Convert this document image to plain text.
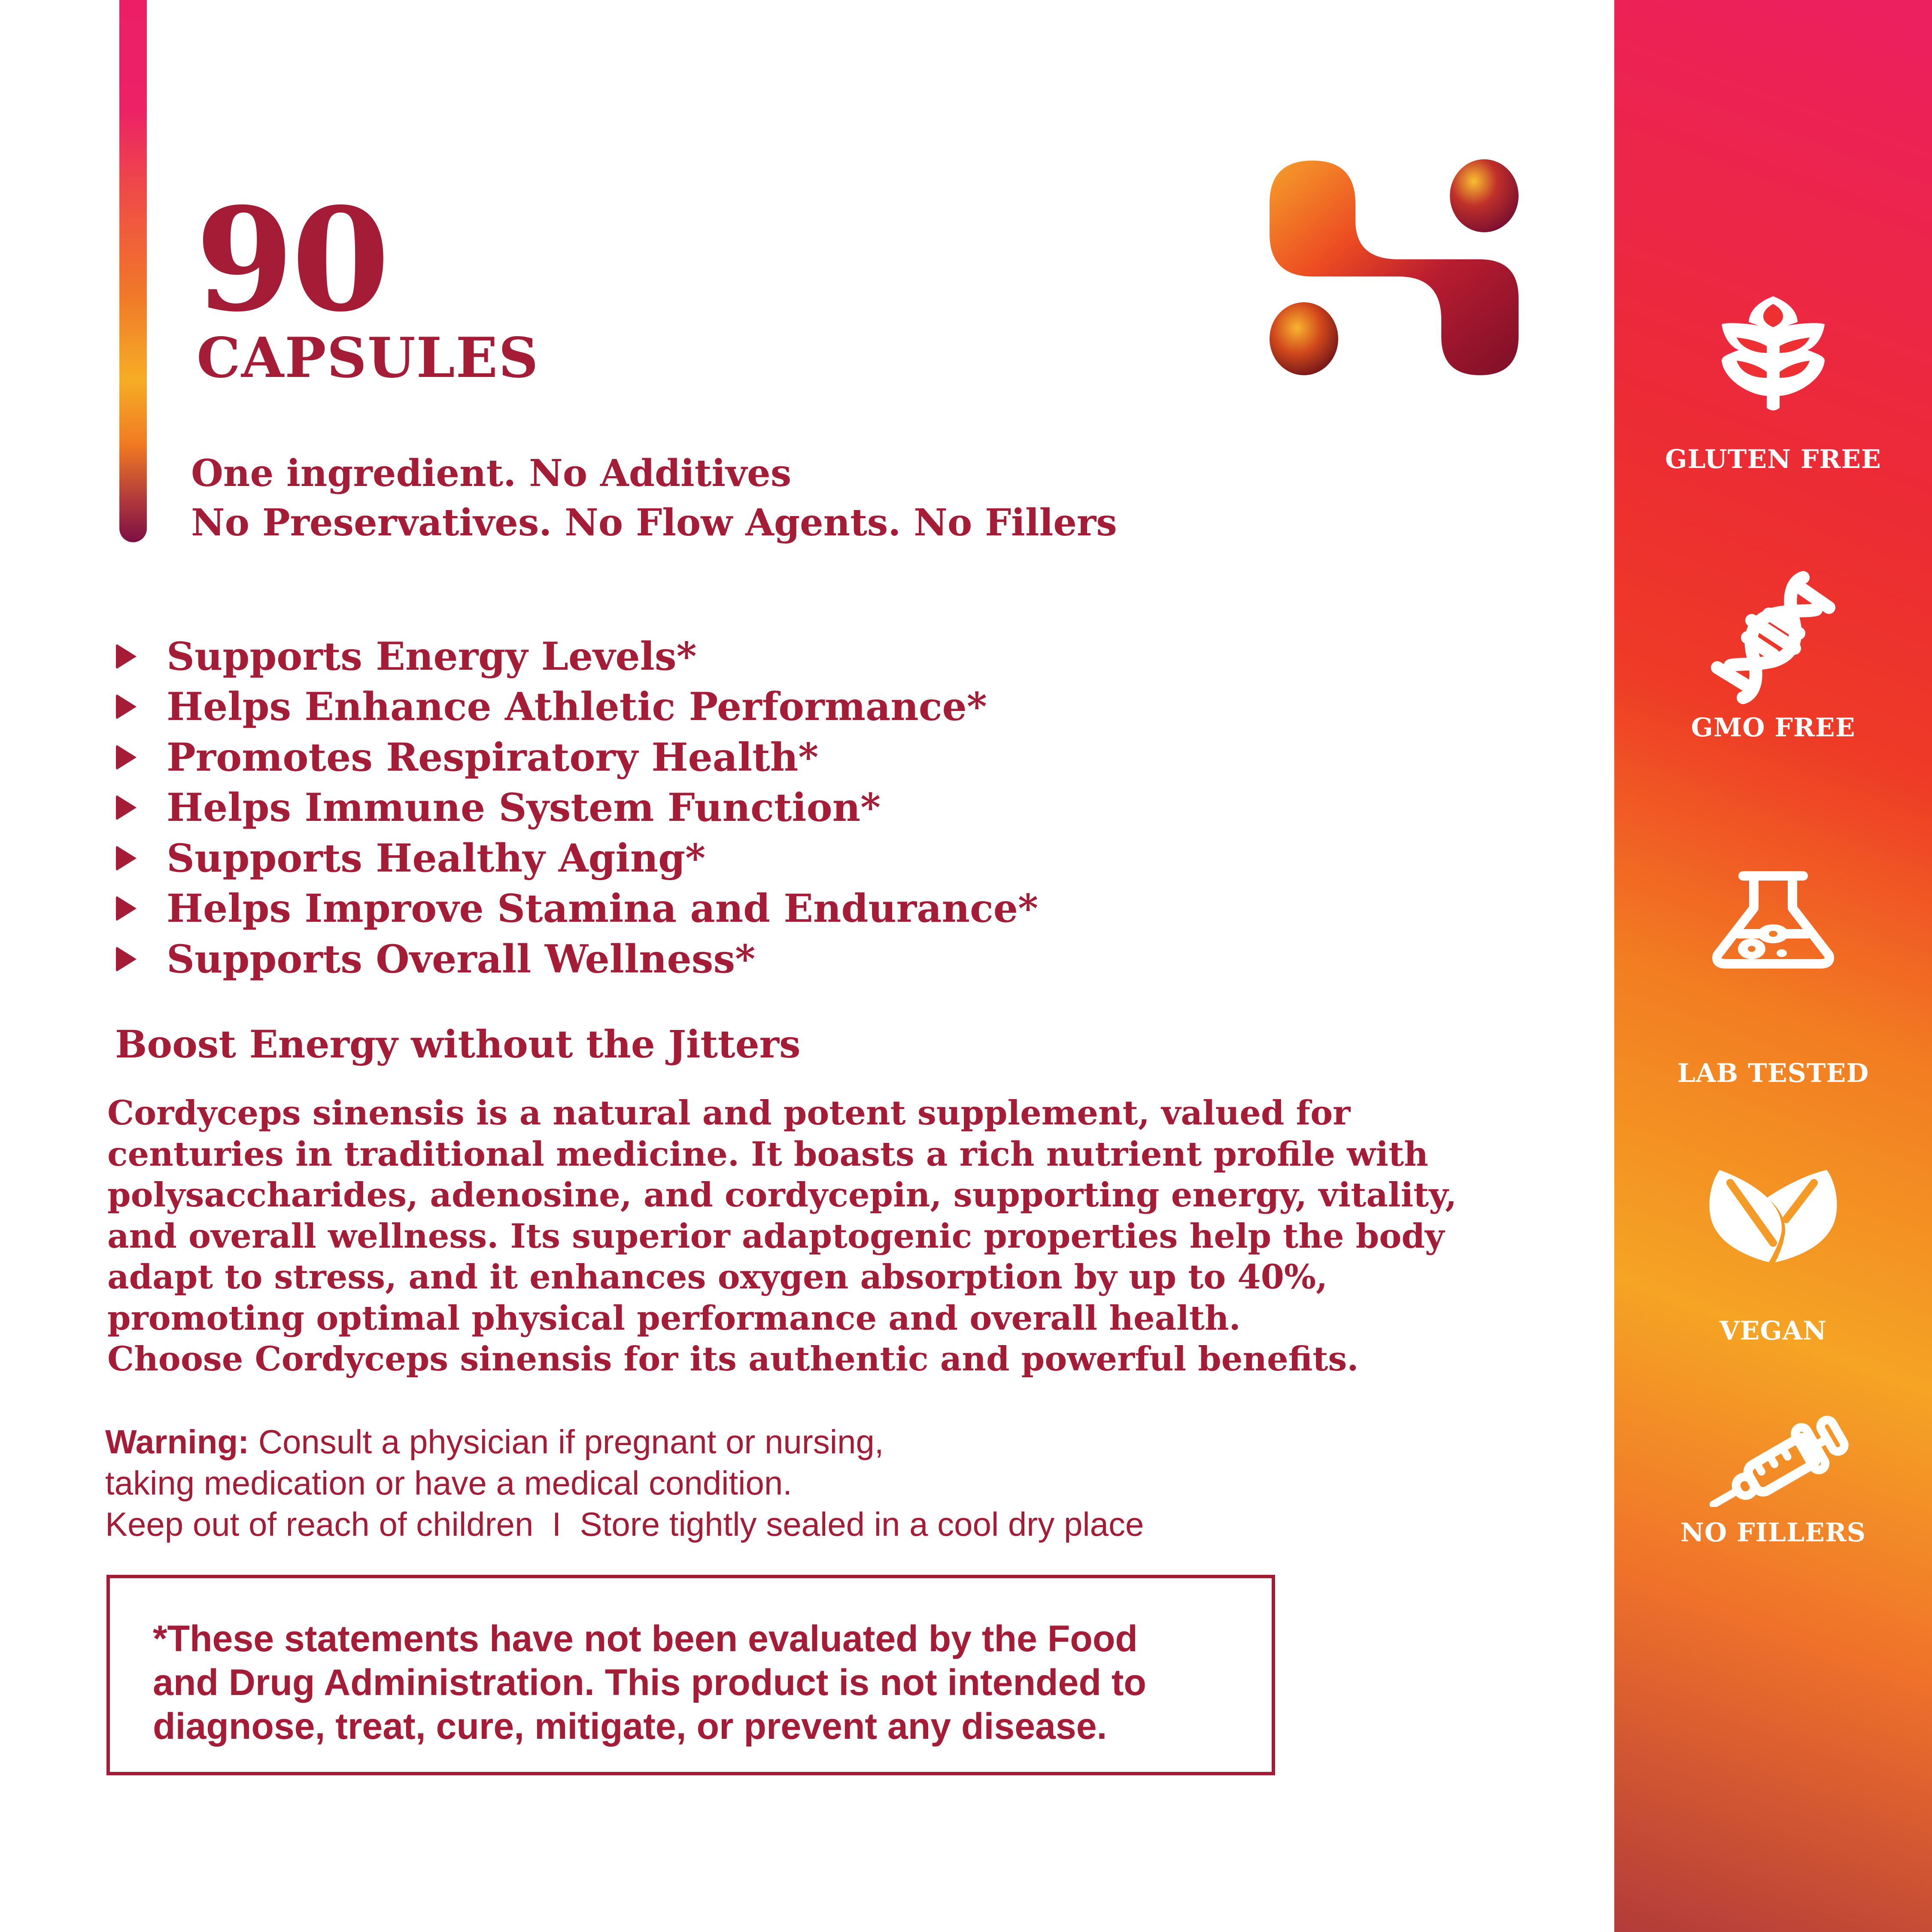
90
CAPSULES
One ingredient. No Additives
No Preservatives. No Flow Agents. No Fillers
Supports Energy Levels*
Helps Enhance Athletic Performance*
Promotes Respiratory Health*
Helps Immune System Function*
Supports Healthy Aging*
Helps Improve Stamina and Endurance*
Supports Overall Wellness*
Boost Energy without the Jitters
Cordyceps sinensis is a natural and potent supplement, valued for
centuries in traditional medicine. It boasts a rich nutrient profile with
polysaccharides, adenosine, and cordycepin, supporting energy, vitality,
and overall wellness. Its superior adaptogenic properties help the body
adapt to stress, and it enhances oxygen absorption by up to 40%,
promoting optimal physical performance and overall health.
Choose Cordyceps sinensis for its authentic and powerful benefits.
Warning: Consult a physician if pregnant or nursing,
taking medication or have a medical condition.
Keep out of reach of children  I  Store tightly sealed in a cool dry place
*These statements have not been evaluated by the Food
and Drug Administration. This product is not intended to
diagnose, treat, cure, mitigate, or prevent any disease.
GLUTEN FREE
GMO FREE
LAB TESTED
VEGAN
NO FILLERS
